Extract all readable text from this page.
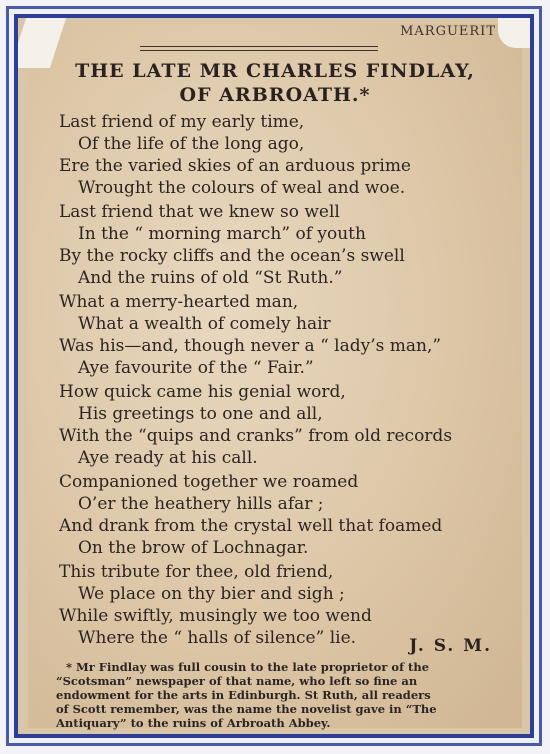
MARGUERIT
THE LATE MR CHARLES FINDLAY,
OF ARBROATH.*
Last friend of my early time,
Of the life of the long ago,
Ere the varied skies of an arduous prime
Wrought the colours of weal and woe.
Last friend that we knew so well
In the “ morning march” of youth
By the rocky cliffs and the ocean’s swell
And the ruins of old “St Ruth.”
What a merry-hearted man,
What a wealth of comely hair
Was his—and, though never a “ lady’s man,”
Aye favourite of the “ Fair.”
How quick came his genial word,
His greetings to one and all,
With the “quips and cranks” from old records
Aye ready at his call.
Companioned together we roamed
O’er the heathery hills afar ;
And drank from the crystal well that foamed
On the brow of Lochnagar.
This tribute for thee, old friend,
We place on thy bier and sigh ;
While swiftly, musingly we too wend
Where the “ halls of silence” lie.	J. S. M.
* Mr Findlay was full cousin to the late proprietor of the
“Scotsman” newspaper of that name, who left so fine an
endowment for the arts in Edinburgh. St Ruth, all readers
of Scott remember, was the name the novelist gave in “The
Antiquary” to the ruins of Arbroath Abbey.
